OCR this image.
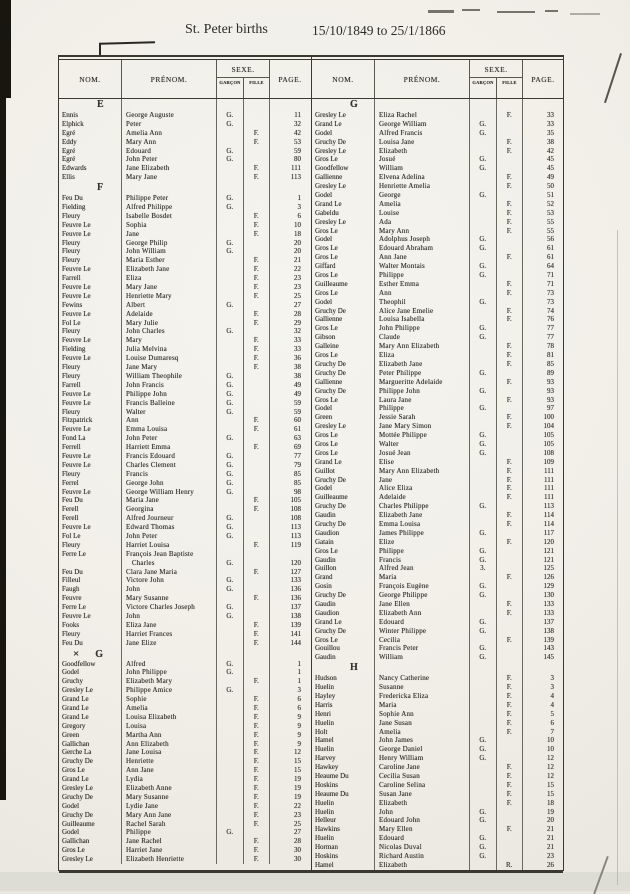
St. Peter births	15/10/1849 to 25/1/1866
NOM.	PRÉNOM.
SEXE.
GARÇON	FILLE	PAGE.
E
Ennis	George Auguste	G.	11
Elphick	Peter	G.	32
Egré	Amelia Ann	F.	42
Eddy	Mary Ann	F.	53
Egré	Edouard	G.	59
Egré	John Peter	G.	80
Edwards	Jane Elizabeth	F.	111
Ellis	Mary Jane	F.	113
F
Feu Du	Philippe Peter	G.	1
Fielding	Alfred Philippe	G.	3
Fleury	Isabelle Bosdet	F.	6
Feuvre Le	Sophia	F.	10
Feuvre Le	Jane	F.	18
Fleury	George Philip	G.	20
Fleury	John William	G.	20
Fleury	Maria Esther	F.	21
Feuvre Le	Elizabeth Jane	F.	22
Farrell	Eliza	F.	23
Feuvre Le	Mary Jane	F.	23
Feuvre Le	Henriette Mary	F.	25
Fewins	Albert	G.	27
Feuvre Le	Adelaide	F.	28
Fol Le	Mary Julie	F.	29
Fleury	John Charles	G.	32
Feuvre Le	Mary	F.	33
Fielding	Julia Melvina	F.	33
Feuvre Le	Louise Dumaresq	F.	36
Fleury	Jane Mary	F.	38
Fleury	William Theophile	G.	38
Farrell	John Francis	G.	49
Feuvre Le	Philippe John	G.	49
Feuvre Le	Francis Balleine	G.	59
Fleury	Walter	G.	59
Fitzpatrick	Ann	F.	60
Feuvre Le	Emma Louisa	F.	61
Fond La	John Peter	G.	63
Ferrell	Harriett Emma	F.	69
Feuvre Le	Francis Edouard	G.	77
Feuvre Le	Charles Clement	G.	79
Fleury	Francis	G.	85
Ferrel	George John	G.	85
Feuvre Le	George William Henry	G.	98
Feu Du	Maria Jane	F.	105
Ferell	Georgina	F.	108
Ferell	Alfred Journeur	G.	108
Feuvre Le	Edward Thomas	G.	113
Fol Le	John Peter	G.	113
Fleury	Harriet Louisa	F.	119
Ferre Le	François Jean Baptiste
Charles	G.	120
Feu Du	Clara Jane Maria	F.	127
Filleul	Victore John	G.	133
Faugh	John	G.	136
Feuvre	Mary Susanne	F.	136
Ferre Le	Victore Charles Joseph	G.	137
Feuvre Le	John	G.	138
Fooks	Eliza Jane	F.	139
Fleury	Harriet Frances	F.	141
Feu Du	Jane Elize	F.	144
× G
Goodfellow	Alfred	G.	1
Godel	John Philippe	G.	1
Gruchy	Elizabeth Mary	F.	1
Gresley Le	Philippe Amice	G.	3
Grand Le	Sophie	F.	6
Grand Le	Amelia	F.	6
Grand Le	Louisa Elizabeth	F.	9
Gregory	Louisa	F.	9
Green	Martha Ann	F.	9
Gallichan	Ann Elizabeth	F.	9
Gerche La	Jane Louisa	F.	12
Gruchy De	Henriette	F.	15
Gros Le	Ann Jane	F.	15
Grand Le	Lydia	F.	19
Gresley Le	Elizabeth Anne	F.	19
Gruchy De	Mary Susanne	F.	19
Godel	Lydie Jane	F.	22
Gruchy De	Mary Ann Jane	F.	23
Guilleaume	Rachel Sarah	F.	25
Godel	Philippe	G.	27
Gallichan	Jane Rachel	F.	28
Gros Le	Harriet Jane	F.	30
Gresley Le	Elizabeth Henriette	F.	30
NOM.	PRÉNOM.
SEXE.
GARÇON	FILLE	PAGE.
G
Gresley Le	Eliza Rachel	F.	33
Grand Le	George William	G.	33
Godel	Alfred Francis	G.	35
Gruchy De	Louisa Jane	F.	38
Gresley Le	Elizabeth	F.	42
Gros Le	Josué	G.	45
Goodfellow	William	G.	45
Gallienne	Elvena Adelina	F.	49
Gresley Le	Henriette Amelia	F.	50
Godel	George	G.	51
Grand Le	Amelia	F.	52
Gabeldu	Louise	F.	53
Gresley Le	Ada	F.	55
Gros Le	Mary Ann	F.	55
Godel	Adolphus Joseph	G.	56
Gros Le	Edouard Abraham	G.	61
Gros Le	Ann Jane	F.	61
Giffard	Walter Montais	G.	64
Gros Le	Philippe	G.	71
Guilleaume	Esther Emma	F.	71
Gros Le	Ann	F.	73
Godel	Theophil	G.	73
Gruchy De	Alice Jane Emelie	F.	74
Gallienne	Louisa Isabella	F.	76
Gros Le	John Philippe	G.	77
Gibson	Claude	G.	77
Galleine	Mary Ann Elizabeth	F.	78
Gros Le	Eliza	F.	81
Gruchy De	Elizabeth Jane	F.	85
Gruchy De	Peter Philippe	G.	89
Gallienne	Margueritte Adelaide	F.	93
Gruchy De	Philippe John	G.	93
Gros Le	Laura Jane	F.	93
Godel	Philippe	G.	97
Green	Jessie Sarah	F.	100
Gresley Le	Jane Mary Simon	F.	104
Gros Le	Mottée Philippe	G.	105
Gros Le	Walter	G.	105
Gros Le	Josué Jean	G.	108
Grand Le	Elise	F.	109
Guillot	Mary Ann Elizabeth	F.	111
Gruchy De	Jane	F.	111
Godel	Alice Eliza	F.	111
Guilleaume	Adelaide	F.	111
Gruchy De	Charles Philippe	G.	113
Gaudin	Elizabeth Jane	F.	114
Gruchy De	Emma Louisa	F.	114
Gaudion	James Philippe	G.	117
Gatain	Elize	F.	120
Gros Le	Philippe	G.	121
Gaudin	Francis	G.	121
Guillon	Alfred Jean	3.	125
Grand	Maria	F.	126
Gosin	François Eugène	G.	129
Gruchy De	George Philippe	G.	130
Gaudin	Jane Ellen	F.	133
Gaudion	Elizabeth Ann	F.	133
Grand Le	Edouard	G.	137
Gruchy De	Winter Philippe	G.	138
Gros Le	Cecilia	F.	139
Gouillou	Francis Peter	G.	143
Gaudin	William	G.	145
H
Hudson	Nancy Catherine	F.	3
Huelin	Susanne	F.	3
Hayley	Fredericka Eliza	F.	4
Harris	Maria	F.	4
Henri	Sophie Ann	F.	5
Huelin	Jane Susan	F.	6
Holt	Amelia	F.	7
Hamel	John James	G.	10
Huelin	George Daniel	G.	10
Harvey	Henry William	G.	12
Hawkey	Caroline Jane	F.	12
Heaume Du	Cecilia Susan	F.	12
Hoskins	Caroline Selina	F.	15
Heaume Du	Susan Jane	F.	15
Huelin	Elizabeth	F.	18
Huelin	John	G.	19
Helleur	Edouard John	G.	20
Hawkins	Mary Ellen	F.	21
Huelin	Edouard	G.	21
Horman	Nicolas Duval	G.	21
Hoskins	Richard Austin	G.	23
Hamel	Elizabeth	R.	26
